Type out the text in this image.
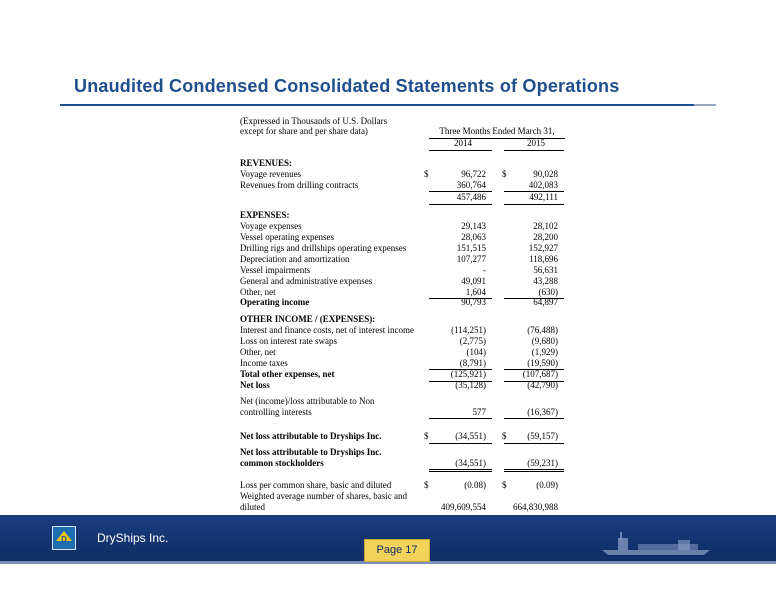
Unaudited Condensed Consolidated Statements of Operations
(Expressed in Thousands of U.S. Dollars
except for share and per share data)	Three Months Ended March 31,
2014	2015
REVENUES:
Voyage revenues	$	96,722 $	90,028
Revenues from drilling contracts	360,764	402,083
457,486	492,111
EXPENSES:
Voyage expenses	29,143	28,102
Vessel operating expenses	28,063	28,200
Drilling rigs and drillships operating expenses	151,515	152,927
Depreciation and amortization	107,277	118,696
Vessel impairments	-	56,631
General and administrative expenses	49,091	43,288
Other, net	1,604	(630)
Operating income	90,793	64,897
OTHER INCOME / (EXPENSES):
Interest and finance costs, net of interest income	(114,251)	(76,488)
Loss on interest rate swaps	(2,775)	(9,680)
Other, net	(104)	(1,929)
Income taxes	(8,791)	(19,590)
Total other expenses, net	(125,921)	(107,687)
Net loss	(35,128)	(42,790)
Net (income)/loss attributable to Non
controlling interests	577	(16,367)
Net loss attributable to Dryships Inc.	$	(34,551) $ (59,157)
Net loss attributable to Dryships Inc.
common stockholders	(34,551)	(59,231)
Loss per common share, basic and diluted	$	(0.08) $	(0.09)
Weighted average number of shares, basic and
diluted	409,609,554	664,830,988
D	DryShips Inc.
Page 17
